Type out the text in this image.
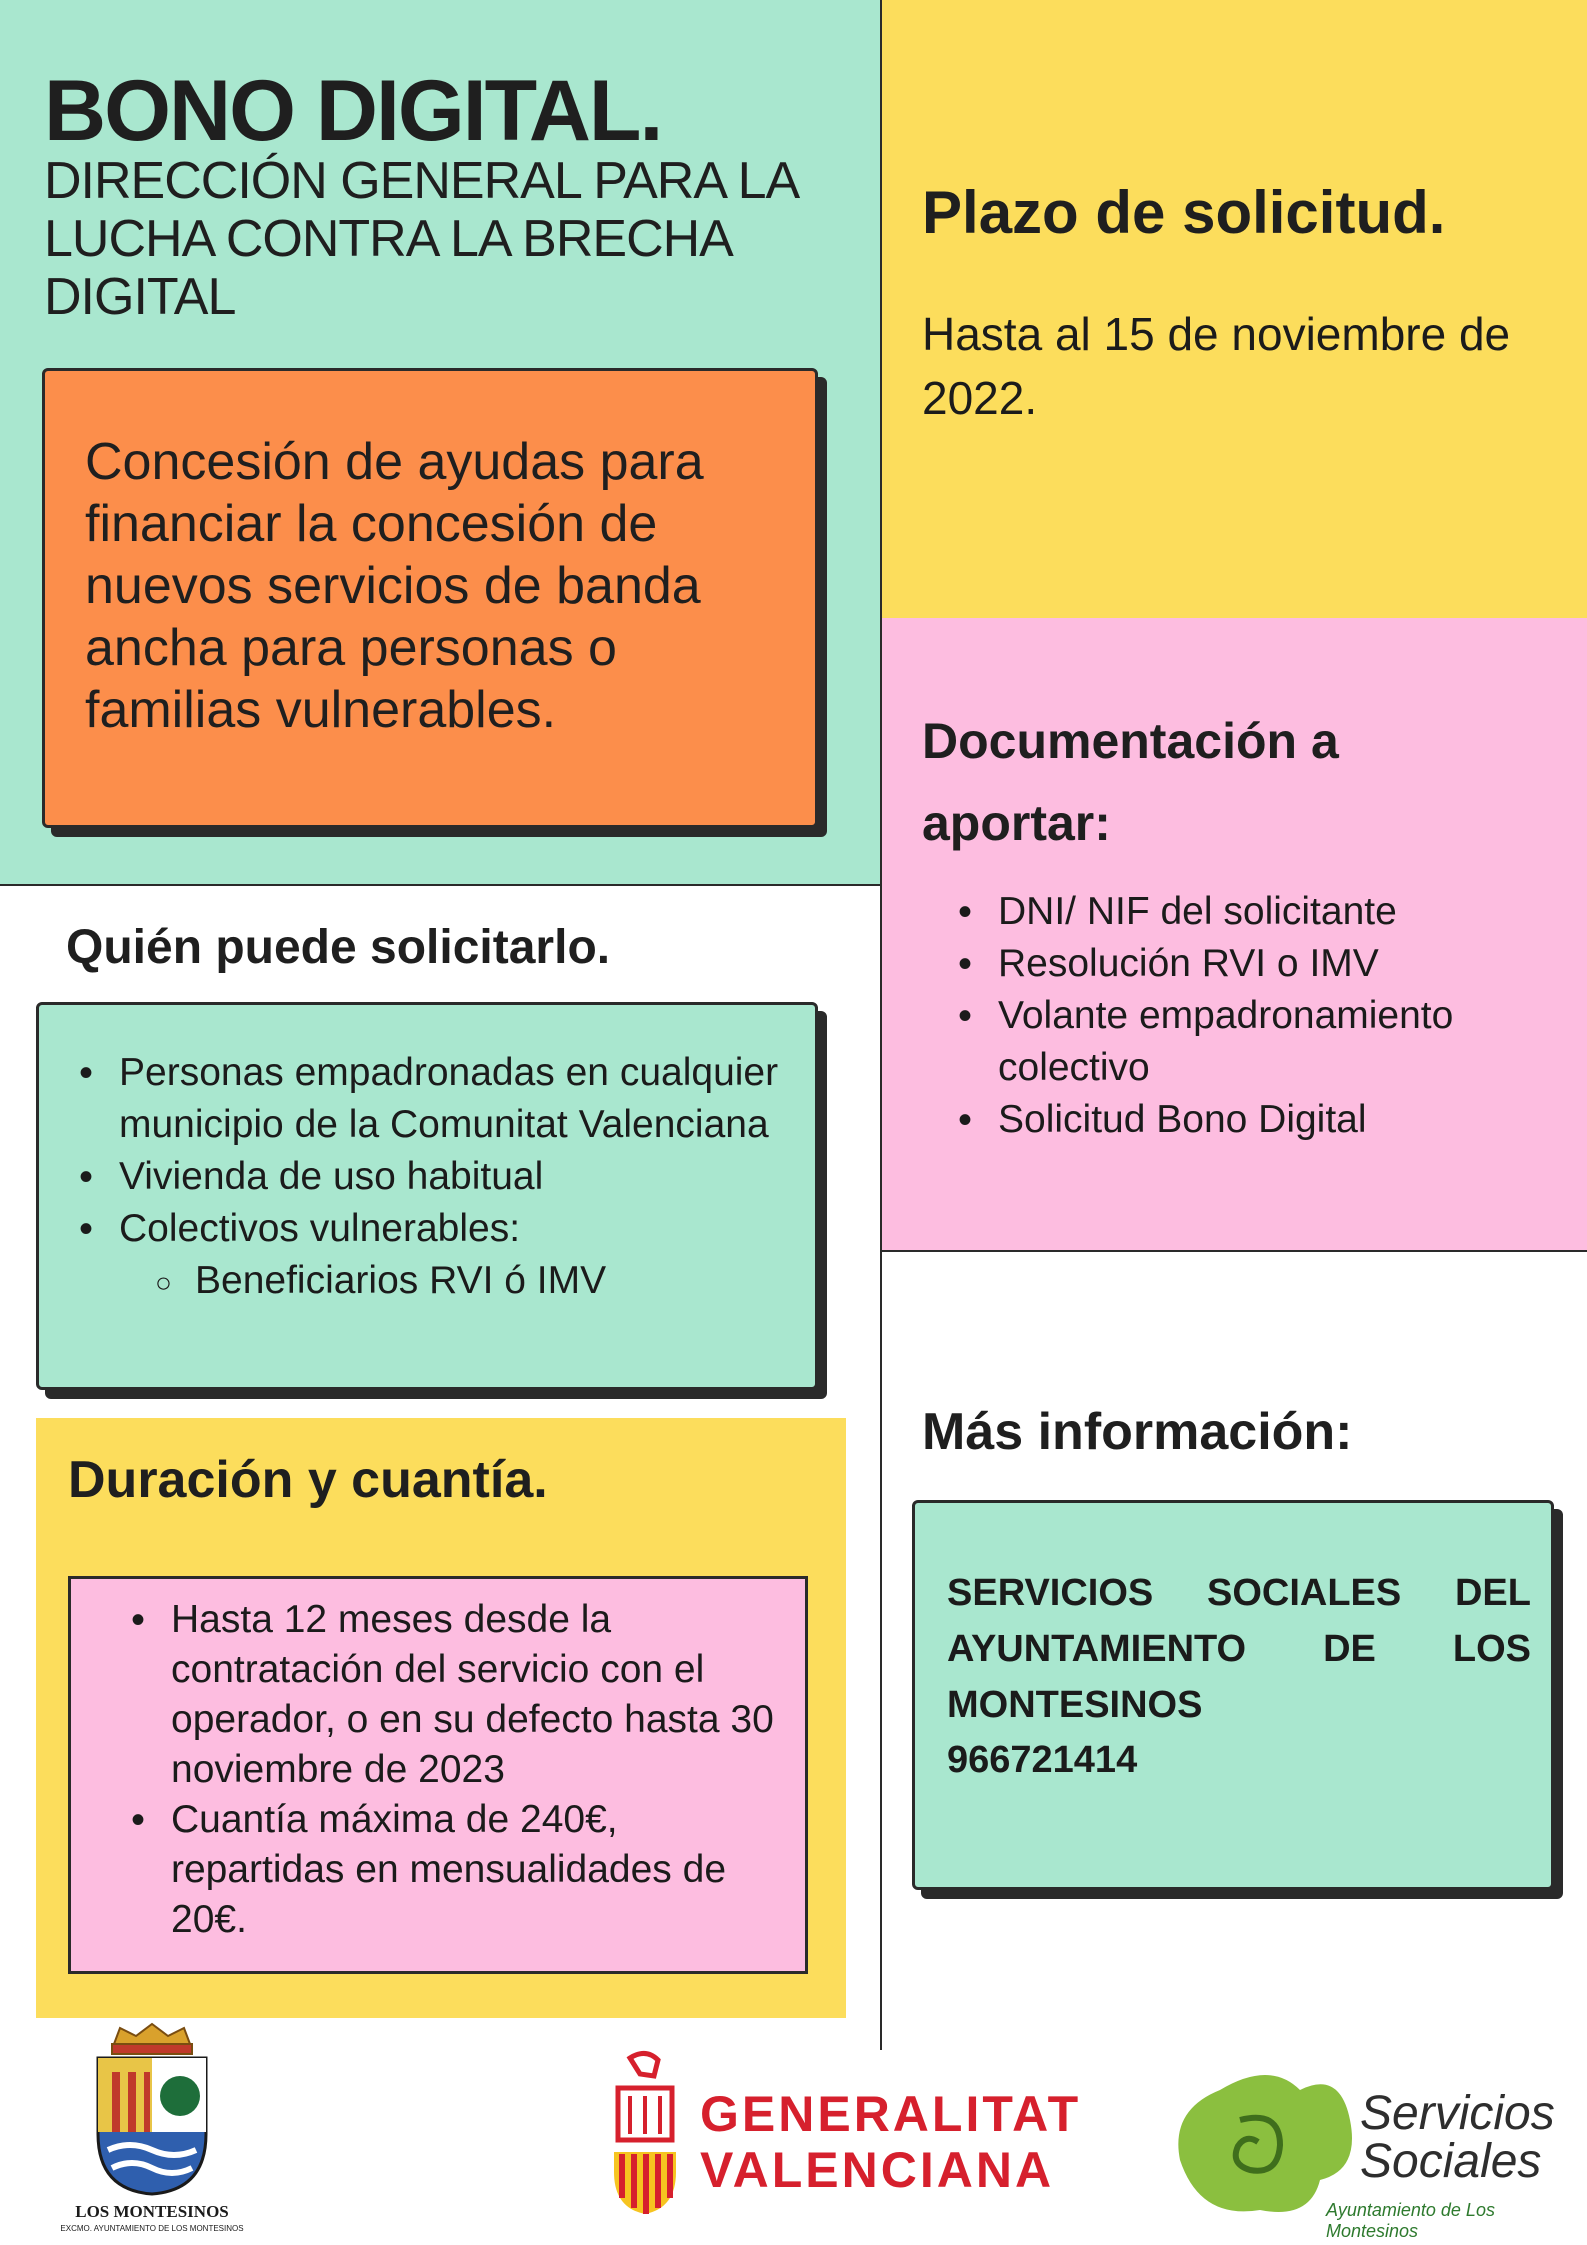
BONO DIGITAL.
DIRECCIÓN GENERAL PARA LA LUCHA CONTRA LA BRECHA DIGITAL
Concesión de ayudas para financiar la concesión de nuevos servicios de banda ancha para personas o familias vulnerables.
Plazo de solicitud.
Hasta al 15 de noviembre de 2022.
Documentación a aportar:
• DNI/ NIF del solicitante
• Resolución RVI o IMV
• Volante empadronamiento colectivo
• Solicitud Bono Digital
Quién puede solicitarlo.
• Personas empadronadas en cualquier municipio de la Comunitat Valenciana
• Vivienda de uso habitual
• Colectivos vulnerables:
○ Beneficiarios RVI ó IMV
Duración y cuantía.
• Hasta 12 meses desde la contratación del servicio con el operador, o en su defecto hasta 30 noviembre de 2023
• Cuantía máxima de 240€, repartidas en mensualidades de 20€.
Más información:
SERVICIOS SOCIALES DEL AYUNTAMIENTO DE LOS MONTESINOS
966721414
LOS MONTESINOS
EXCMO. AYUNTAMIENTO DE LOS MONTESINOS
GENERALITAT
VALENCIANA
Servicios
Sociales
Ayuntamiento de Los Montesinos
